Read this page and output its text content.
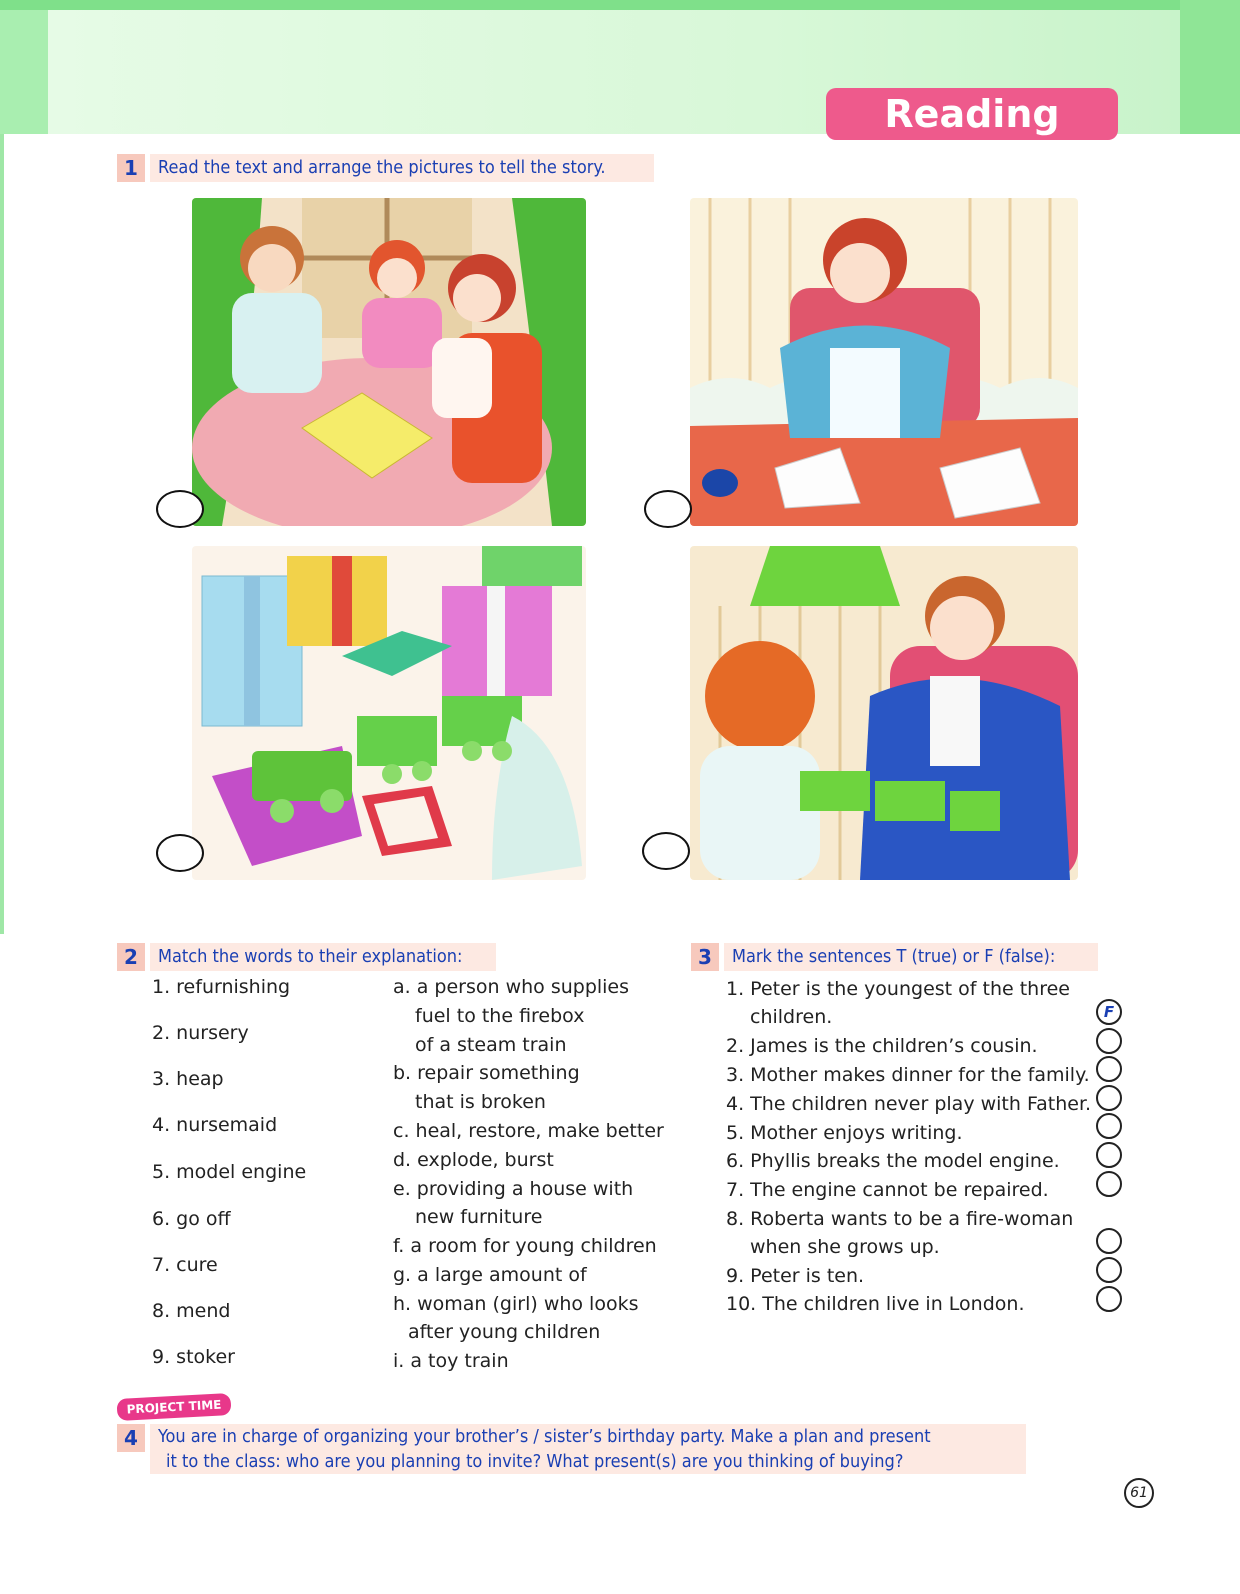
Reading corner
1	Read the text and arrange the pictures to tell the story.
2	Match the words to their explanation:
1. refurnishing
2. nursery
3. heap
4. nursemaid
5. model engine
6. go off
7. cure
8. mend
9. stoker
a. a person who supplies
fuel to the firebox
of a steam train
b. repair something
that is broken
c. heal, restore, make better
d. explode, burst
e. providing a house with
new furniture
f. a room for young children
g. a large amount of
h. woman (girl) who looks
after young children
i. a toy train
3	Mark the sentences T (true) or F (false):
1. Peter is the youngest of the three
children.
2. James is the children’s cousin.
3. Mother makes dinner for the family.
4. The children never play with Father.
5. Mother enjoys writing.
6. Phyllis breaks the model engine.
7. The engine cannot be repaired.
8. Roberta wants to be a fire-woman
when she grows up.
9. Peter is ten.
10. The children live in London.
F
PROJECT TIME
4	You are in charge of organizing your brother’s / sister’s birthday party. Make a plan and present
it to the class: who are you planning to invite? What present(s) are you thinking of buying?
61
